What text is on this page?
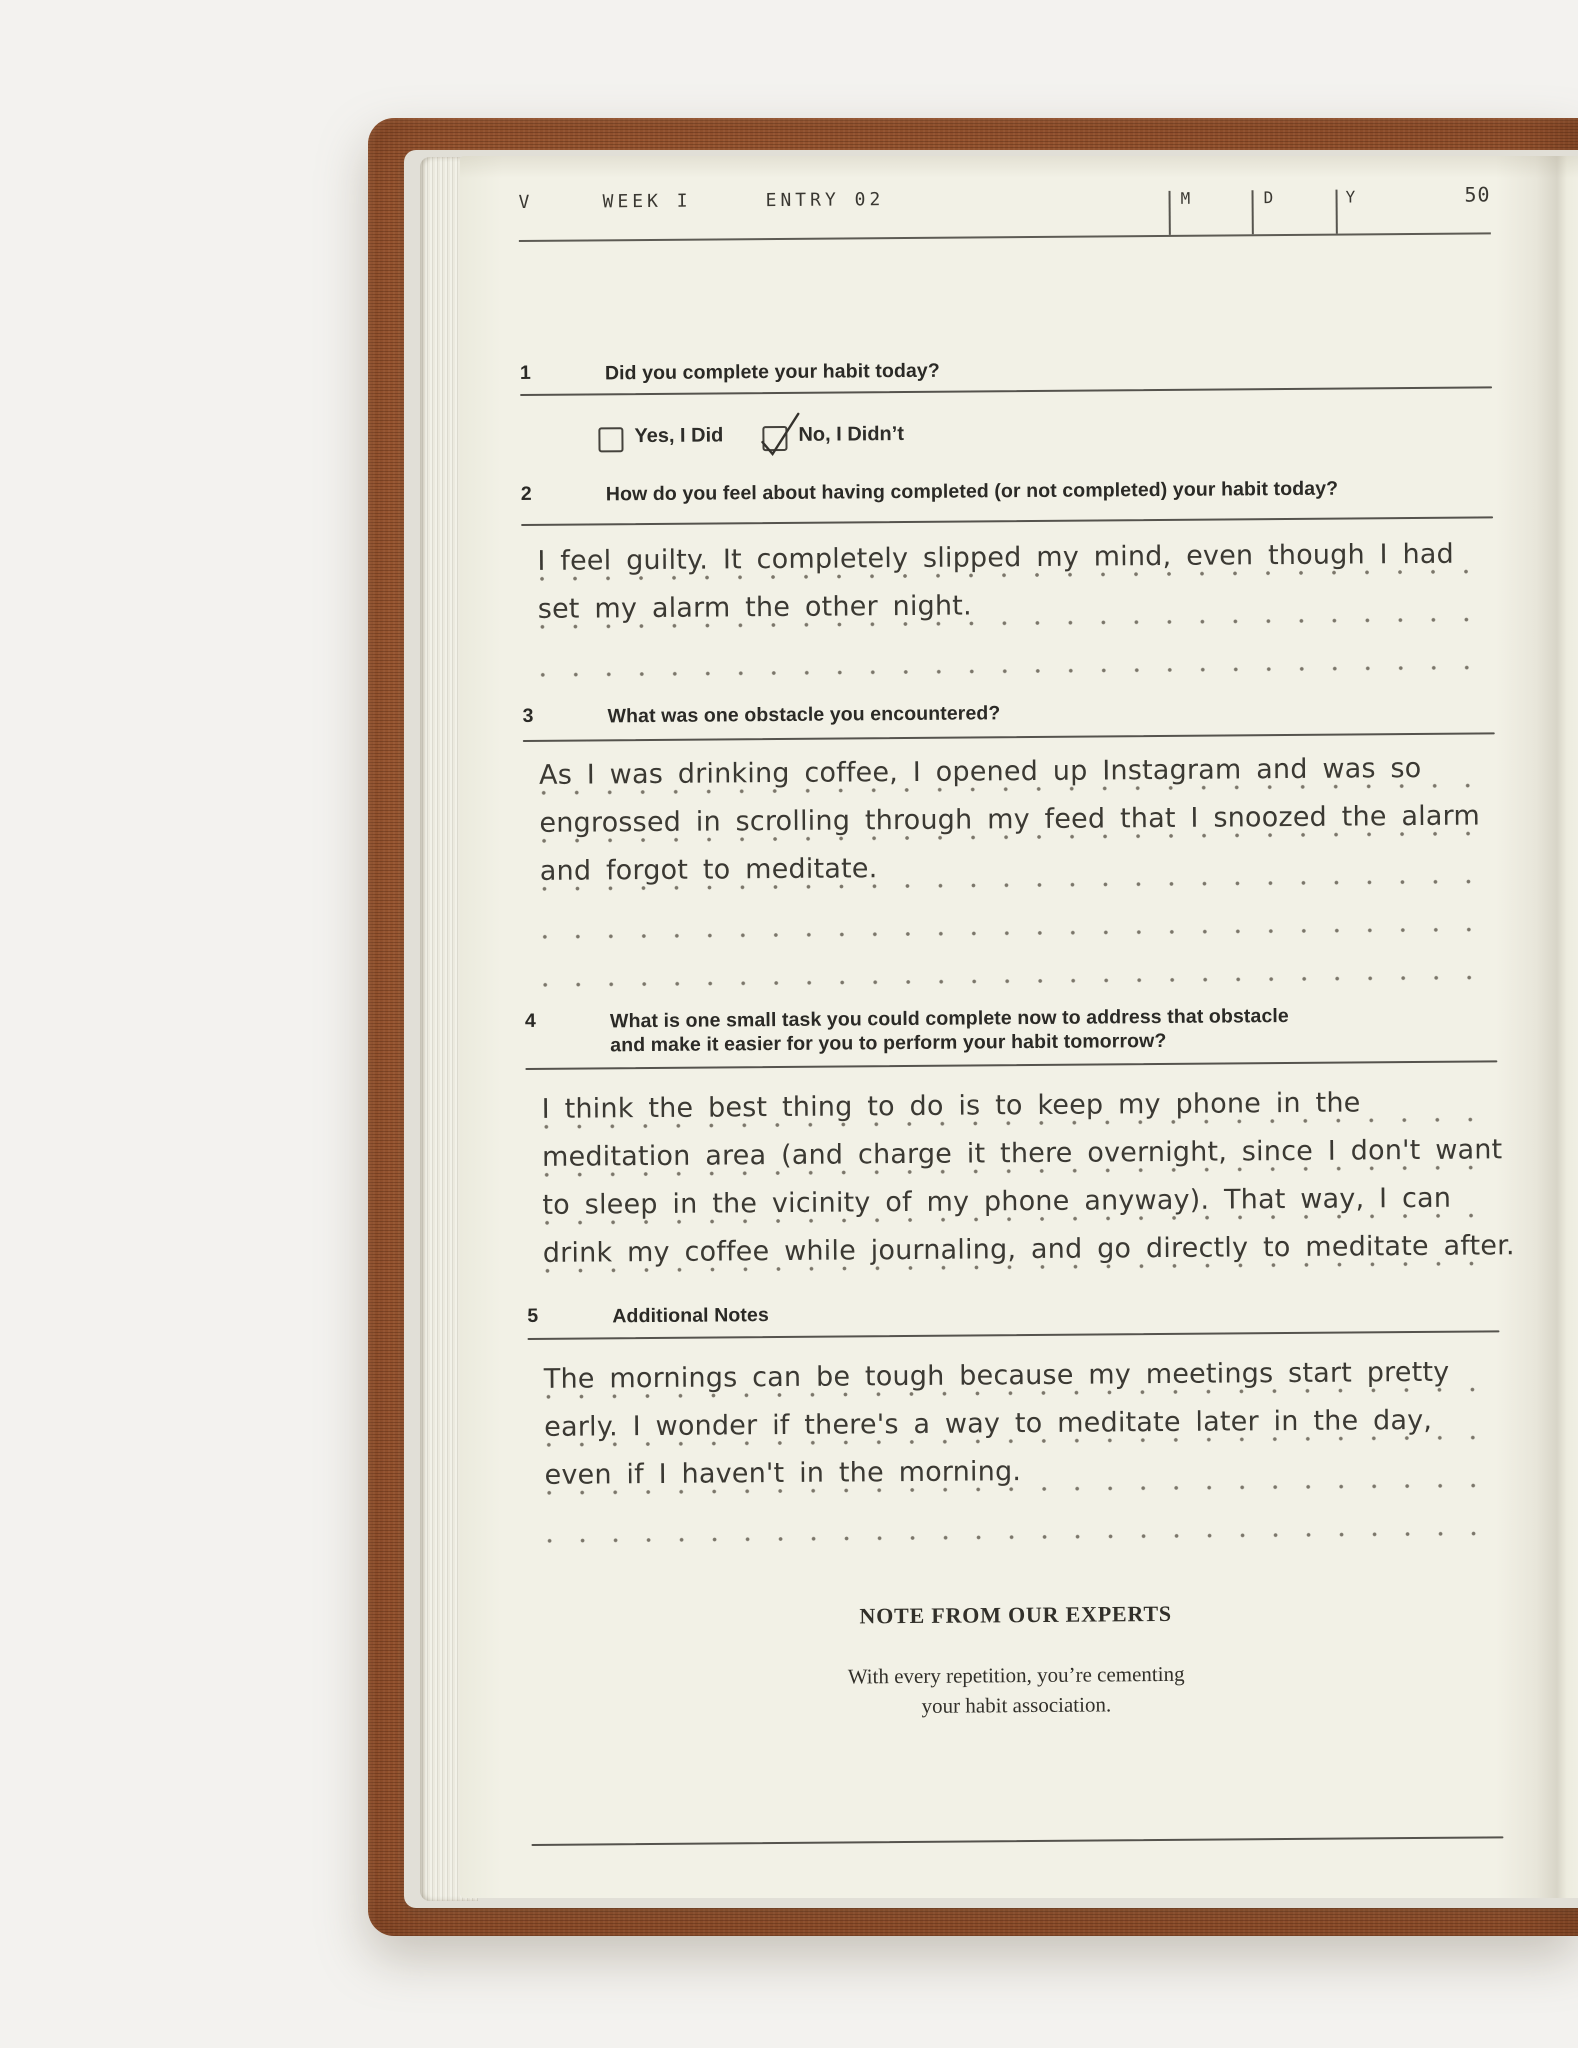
V	WEEK I	ENTRY 02	M	D	Y	50
1	Did you complete your habit today?
Yes, I Did	No, I Didn’t
2	How do you feel about having completed (or not completed) your habit today?
I feel guilty. It completely slipped my mind, even though I had
set my alarm the other night.
3	What was one obstacle you encountered?
As I was drinking coffee, I opened up Instagram and was so
engrossed in scrolling through my feed that I snoozed the alarm
and forgot to meditate.
4	What is one small task you could complete now to address that obstacle and make it easier for you to perform your habit tomorrow?
I think the best thing to do is to keep my phone in the
meditation area (and charge it there overnight, since I don't want
to sleep in the vicinity of my phone anyway). That way, I can
drink my coffee while journaling, and go directly to meditate after.
5	Additional Notes
The mornings can be tough because my meetings start pretty
early. I wonder if there's a way to meditate later in the day,
even if I haven't in the morning.
NOTE FROM OUR EXPERTS
With every repetition, you’re cementing
your habit association.
